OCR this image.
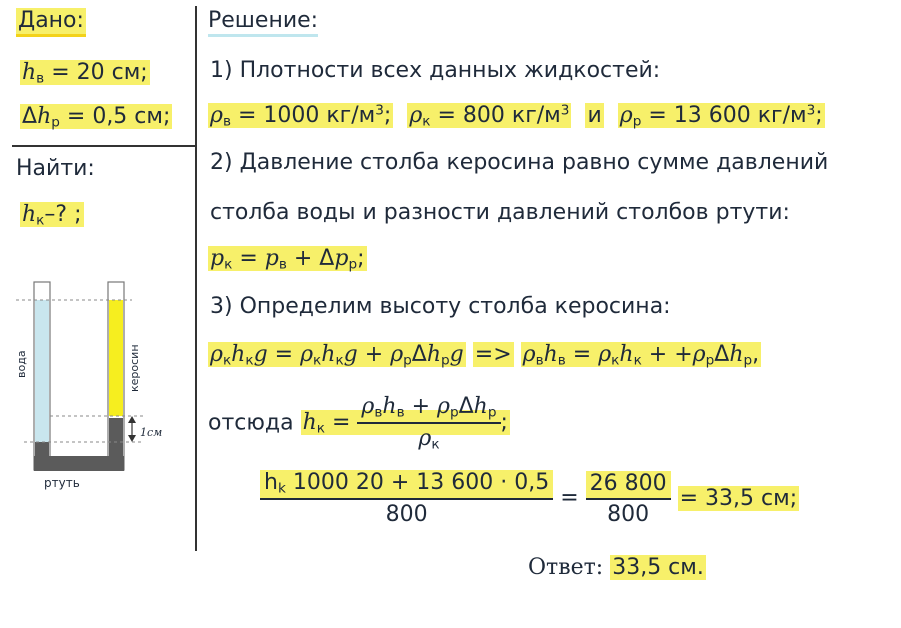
Дано:
$h_в = 20$ см;
$\Delta h_р = 0,5$ см;
Найти:
$h_к-$? ;
вода	керосин
1см
ртуть
Решение:
1) Плотности всех данных жидкостей:
$\rho_в = 1000$ $кг/м^3$; $\rho_к = 800$ $кг/м^3$ и $\rho_р = 13$ 600 $кг/м^3$;
2) Давление столба керосина равно сумме давлений
столба воды и разности давлений столбов ртути:
$p_к = p_в + \Delta p_р$;
3) Определим высоту столба керосина:
$\rho_кh_кg = \rho_кh_кg + \rho_р\Delta h_рg => \rho_вh_в = \rho_кh_к + +\rho_р\Delta h_р$,
отсюда $h_к = \frac{\rho_вh_в + \rho_р\Delta h_р}{\rho_к}$ ;
$\frac{h_k 1000 20 + 13 600 \cdot 0,5}{800} = \frac{26 800}{800} = 33,5$ см;
Ответ: 33,5 см.
